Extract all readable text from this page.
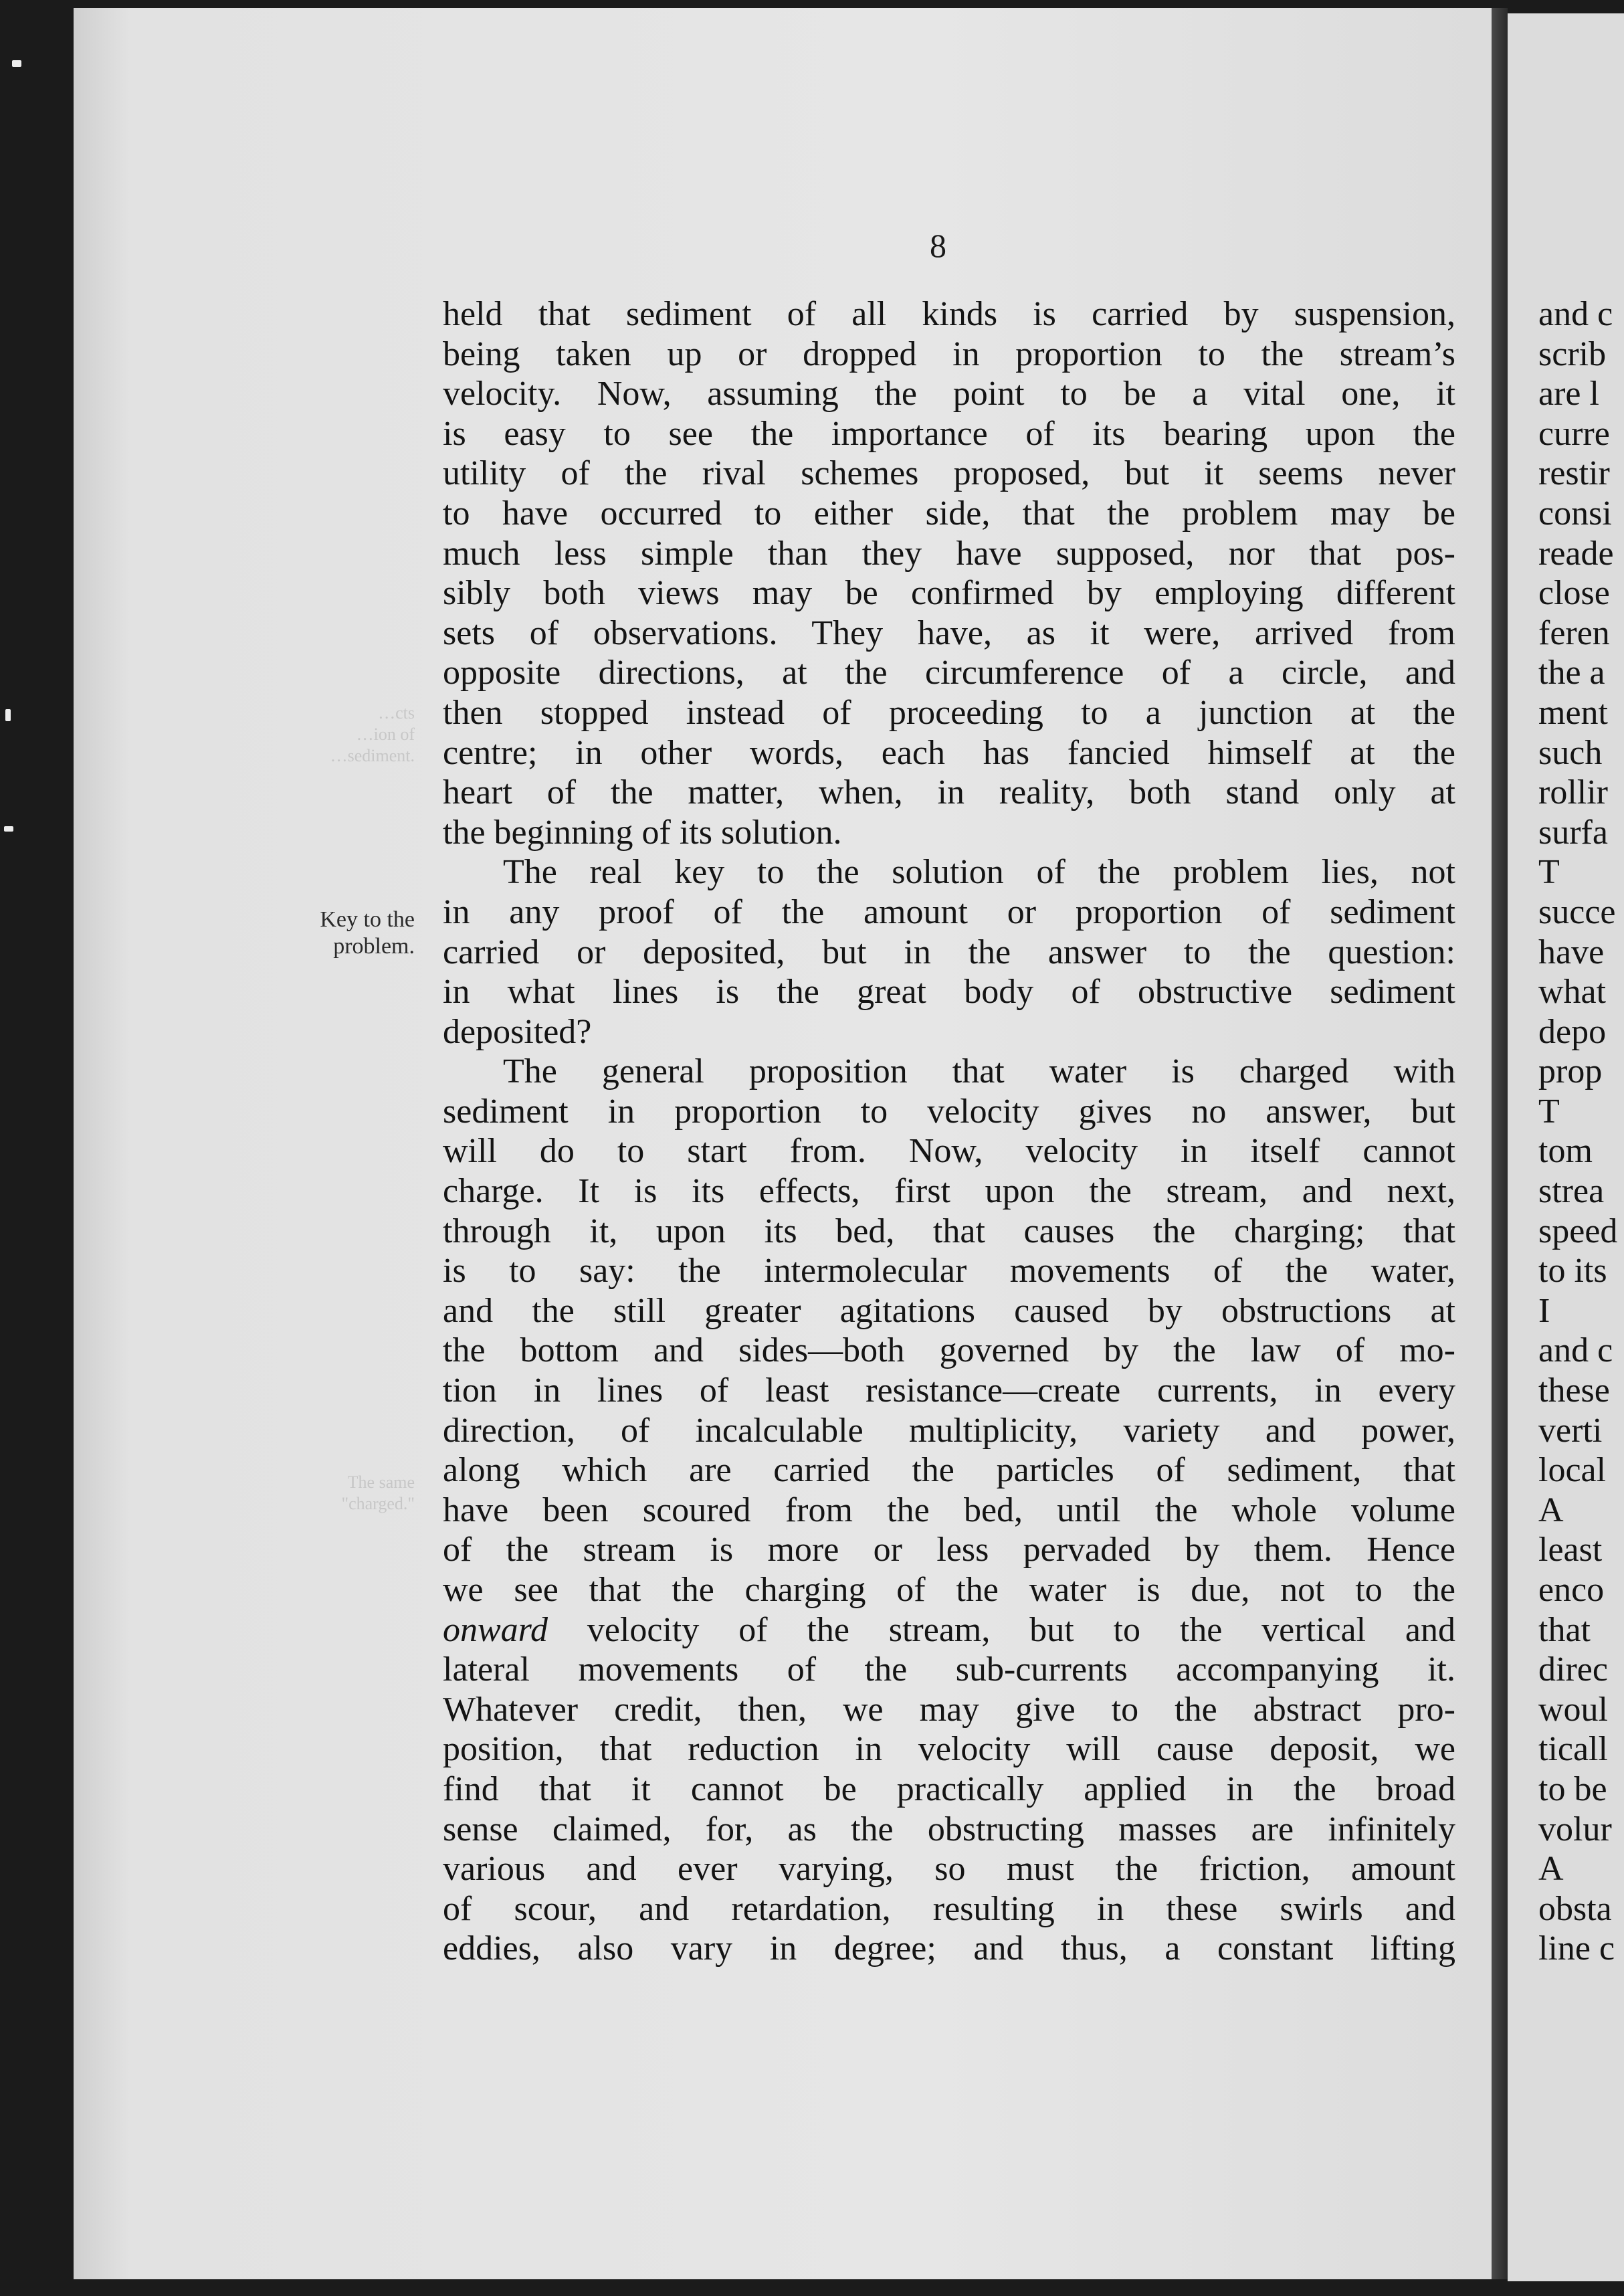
8
Key to the
problem.
…cts
…ion of
…sediment.
The same
"charged."
held that sediment of all kinds is carried by suspension,
being taken up or dropped in proportion to the stream’s
velocity. Now, assuming the point to be a vital one, it
is easy to see the importance of its bearing upon the
utility of the rival schemes proposed, but it seems never
to have occurred to either side, that the problem may be
much less simple than they have supposed, nor that pos-
sibly both views may be confirmed by employing different
sets of observations. They have, as it were, arrived from
opposite directions, at the circumference of a circle, and
then stopped instead of proceeding to a junction at the
centre; in other words, each has fancied himself at the
heart of the matter, when, in reality, both stand only at
the beginning of its solution.
The real key to the solution of the problem lies, not
in any proof of the amount or proportion of sediment
carried or deposited, but in the answer to the question:
in what lines is the great body of obstructive sediment
deposited?
The general proposition that water is charged with
sediment in proportion to velocity gives no answer, but
will do to start from. Now, velocity in itself cannot
charge. It is its effects, first upon the stream, and next,
through it, upon its bed, that causes the charging; that
is to say: the intermolecular movements of the water,
and the still greater agitations caused by obstructions at
the bottom and sides—both governed by the law of mo-
tion in lines of least resistance—create currents, in every
direction, of incalculable multiplicity, variety and power,
along which are carried the particles of sediment, that
have been scoured from the bed, until the whole volume
of the stream is more or less pervaded by them. Hence
we see that the charging of the water is due, not to the
onward velocity of the stream, but to the vertical and
lateral movements of the sub-currents accompanying it.
Whatever credit, then, we may give to the abstract pro-
position, that reduction in velocity will cause deposit, we
find that it cannot be practically applied in the broad
sense claimed, for, as the obstructing masses are infinitely
various and ever varying, so must the friction, amount
of scour, and retardation, resulting in these swirls and
eddies, also vary in degree; and thus, a constant lifting
and c
scrib
are l
curre
restir
consi
reade
close
feren
the a
ment
such
rollir
surfa
T
succe
have
what
depo
prop
T
tom
strea
speed
to its
I
and c
these
verti
local
A
least
enco
that
direc
woul
ticall
to be
volur
A
obsta
line c
